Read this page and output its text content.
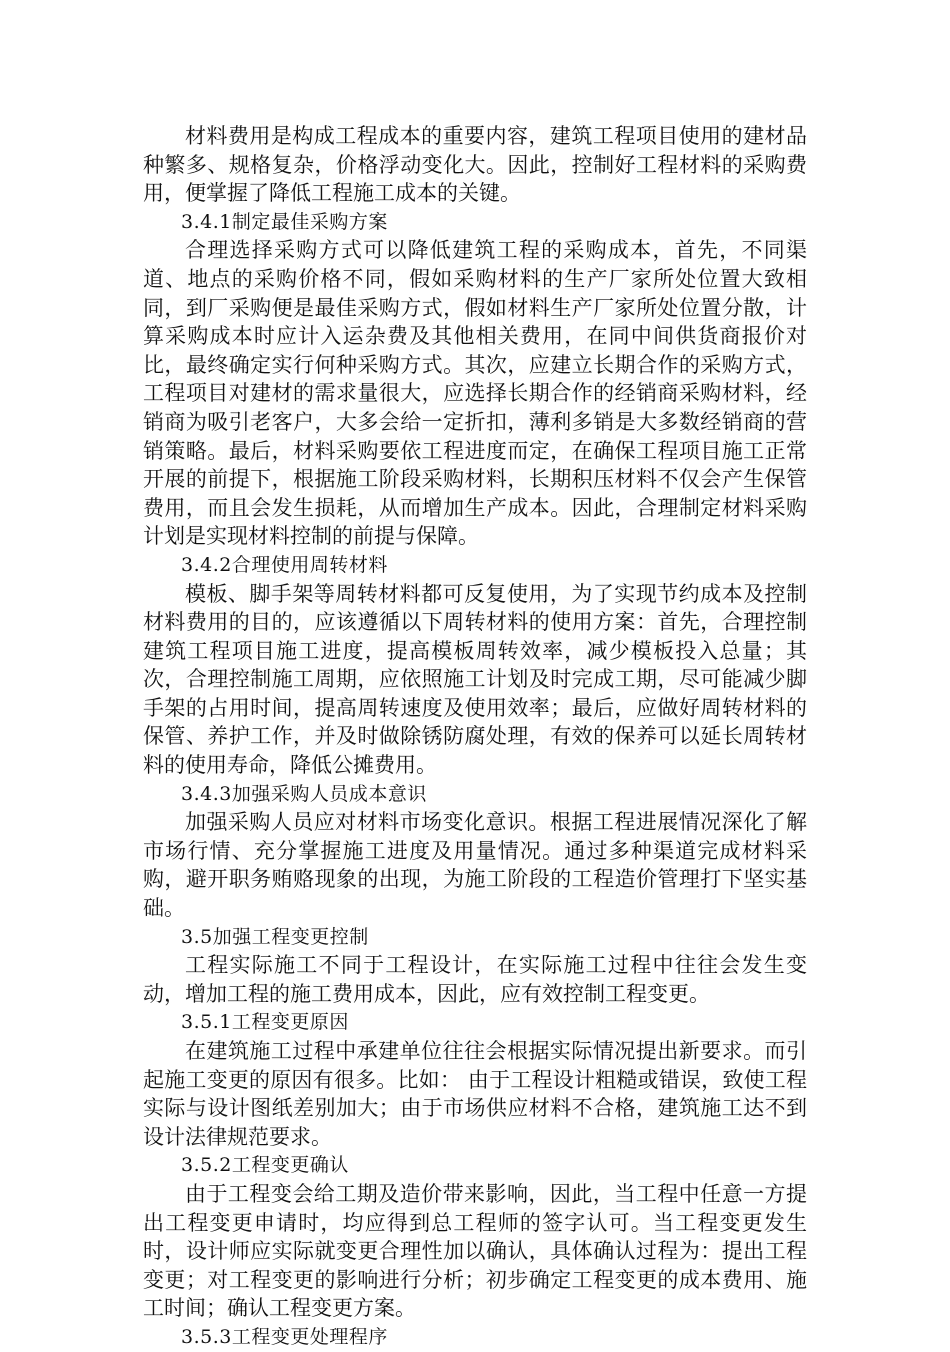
材料费用是构成工程成本的重要内容，建筑工程项目使用的建材品种繁多、规格复杂，价格浮动变化大。因此，控制好工程材料的采购费用，便掌握了降低工程施工成本的关键。

3.4.1制定最佳采购方案

合理选择采购方式可以降低建筑工程的采购成本，首先，不同渠道、地点的采购价格不同，假如采购材料的生产厂家所处位置大致相同，到厂采购便是最佳采购方式，假如材料生产厂家所处位置分散，计算采购成本时应计入运杂费及其他相关费用，在同中间供货商报价对比，最终确定实行何种采购方式。其次，应建立长期合作的采购方式，工程项目对建材的需求量很大，应选择长期合作的经销商采购材料，经销商为吸引老客户，大多会给一定折扣，薄利多销是大多数经销商的营销策略。最后，材料采购要依工程进度而定，在确保工程项目施工正常开展的前提下，根据施工阶段采购材料，长期积压材料不仅会产生保管费用，而且会发生损耗，从而增加生产成本。因此，合理制定材料采购计划是实现材料控制的前提与保障。

3.4.2合理使用周转材料

模板、脚手架等周转材料都可反复使用，为了实现节约成本及控制材料费用的目的，应该遵循以下周转材料的使用方案：首先，合理控制建筑工程项目施工进度，提高模板周转效率，减少模板投入总量；其次，合理控制施工周期，应依照施工计划及时完成工期，尽可能减少脚手架的占用时间，提高周转速度及使用效率；最后，应做好周转材料的保管、养护工作，并及时做除锈防腐处理，有效的保养可以延长周转材料的使用寿命，降低公摊费用。

3.4.3加强采购人员成本意识

加强采购人员应对材料市场变化意识。根据工程进展情况深化了解市场行情、充分掌握施工进度及用量情况。通过多种渠道完成材料采购，避开职务贿赂现象的出现，为施工阶段的工程造价管理打下坚实基础。

3.5加强工程变更控制

工程实际施工不同于工程设计，在实际施工过程中往往会发生变动，增加工程的施工费用成本，因此，应有效控制工程变更。

3.5.1工程变更原因

在建筑施工过程中承建单位往往会根据实际情况提出新要求。而引起施工变更的原因有很多。比如： 由于工程设计粗糙或错误，致使工程实际与设计图纸差别加大；由于市场供应材料不合格，建筑施工达不到设计法律规范要求。

3.5.2工程变更确认

由于工程变会给工期及造价带来影响，因此，当工程中任意一方提出工程变更申请时，均应得到总工程师的签字认可。当工程变更发生时，设计师应实际就变更合理性加以确认，具体确认过程为：提出工程变更；对工程变更的影响进行分析；初步确定工程变更的成本费用、施工时间；确认工程变更方案。

3.5.3工程变更处理程序
